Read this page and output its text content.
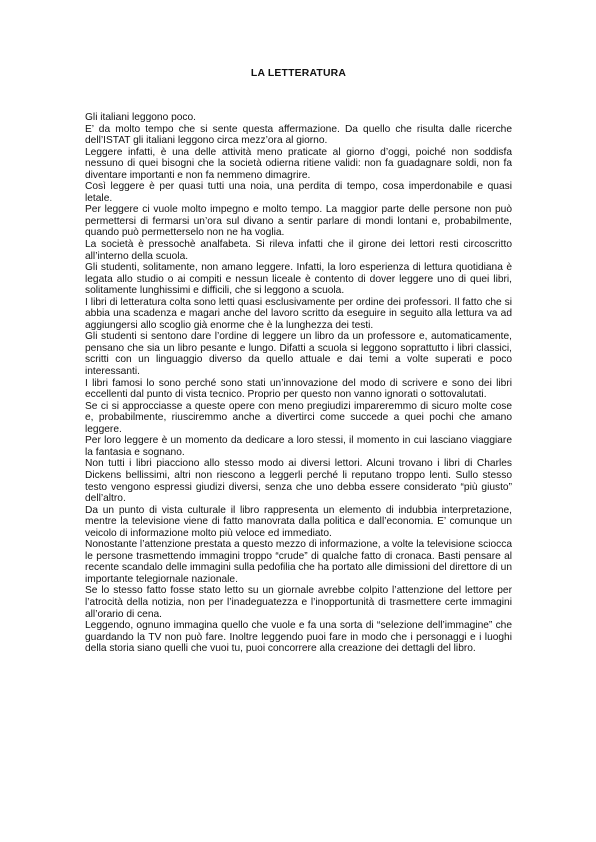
LA LETTERATURA

Gli italiani leggono poco.

E’ da molto tempo che si sente questa affermazione. Da quello che risulta dalle ricerche dell’ISTAT gli italiani leggono circa mezz’ora al giorno.

Leggere infatti, è una delle attività meno praticate al giorno d’oggi, poiché non soddisfa nessuno di quei bisogni che la società odierna ritiene validi: non fa guadagnare soldi, non fa diventare importanti e non fa nemmeno dimagrire.

Così leggere è per quasi tutti una noia, una perdita di tempo, cosa imperdonabile e quasi letale.

Per leggere ci vuole molto impegno e molto tempo. La maggior parte delle persone non può permettersi di fermarsi un’ora sul divano a sentir parlare di mondi lontani e, probabilmente, quando può permetterselo non ne ha voglia.

La società è pressochè analfabeta. Si rileva infatti che il girone dei lettori resti circoscritto all’interno della scuola.

Gli studenti, solitamente, non amano leggere. Infatti, la loro esperienza di lettura quotidiana è legata allo studio o ai compiti e nessun liceale è contento di dover leggere uno di quei libri, solitamente lunghissimi e difficili, che si leggono a scuola.

I libri di letteratura colta sono letti quasi esclusivamente per ordine dei professori. Il fatto che si abbia una scadenza e magari anche del lavoro scritto da eseguire in seguito alla lettura va ad aggiungersi allo scoglio già enorme che è la lunghezza dei testi.

Gli studenti si sentono dare l’ordine di leggere un libro da un professore e, automaticamente, pensano che sia un libro pesante e lungo. Difatti a scuola si leggono soprattutto i libri classici, scritti con un linguaggio diverso da quello attuale e dai temi a volte superati e poco interessanti.

I libri famosi lo sono perché sono stati un’innovazione del modo di scrivere e sono dei libri eccellenti dal punto di vista tecnico. Proprio per questo non vanno ignorati o sottovalutati.

Se ci si approcciasse a queste opere con meno pregiudizi impareremmo di sicuro molte cose e, probabilmente, riusciremmo anche a divertirci come succede a quei pochi che amano leggere.

Per loro leggere è un momento da dedicare a loro stessi, il momento in cui lasciano viaggiare la fantasia e sognano.

Non tutti i libri piacciono allo stesso modo ai diversi lettori. Alcuni trovano i libri di Charles Dickens bellissimi, altri non riescono a leggerli perché li reputano troppo lenti. Sullo stesso testo vengono espressi giudizi diversi, senza che uno debba essere considerato “più giusto” dell’altro.

Da un punto di vista culturale il libro rappresenta un elemento di indubbia interpretazione, mentre la televisione viene di fatto manovrata dalla politica e dall’economia. E’ comunque un veicolo di informazione molto più veloce ed immediato.

Nonostante l’attenzione prestata a questo mezzo di informazione, a volte la televisione sciocca le persone trasmettendo immagini troppo “crude” di qualche fatto di cronaca. Basti pensare al recente scandalo delle immagini sulla pedofilia che ha portato alle dimissioni del direttore di un importante telegiornale nazionale.

Se lo stesso fatto fosse stato letto su un giornale avrebbe colpito l’attenzione del lettore per l’atrocità della notizia, non per l’inadeguatezza e l’inopportunità di trasmettere certe immagini all’orario di cena.

Leggendo, ognuno immagina quello che vuole e fa una sorta di “selezione dell’immagine” che guardando la TV non può fare. Inoltre leggendo puoi fare in modo che i personaggi e i luoghi della storia siano quelli che vuoi tu, puoi concorrere alla creazione dei dettagli del libro.
